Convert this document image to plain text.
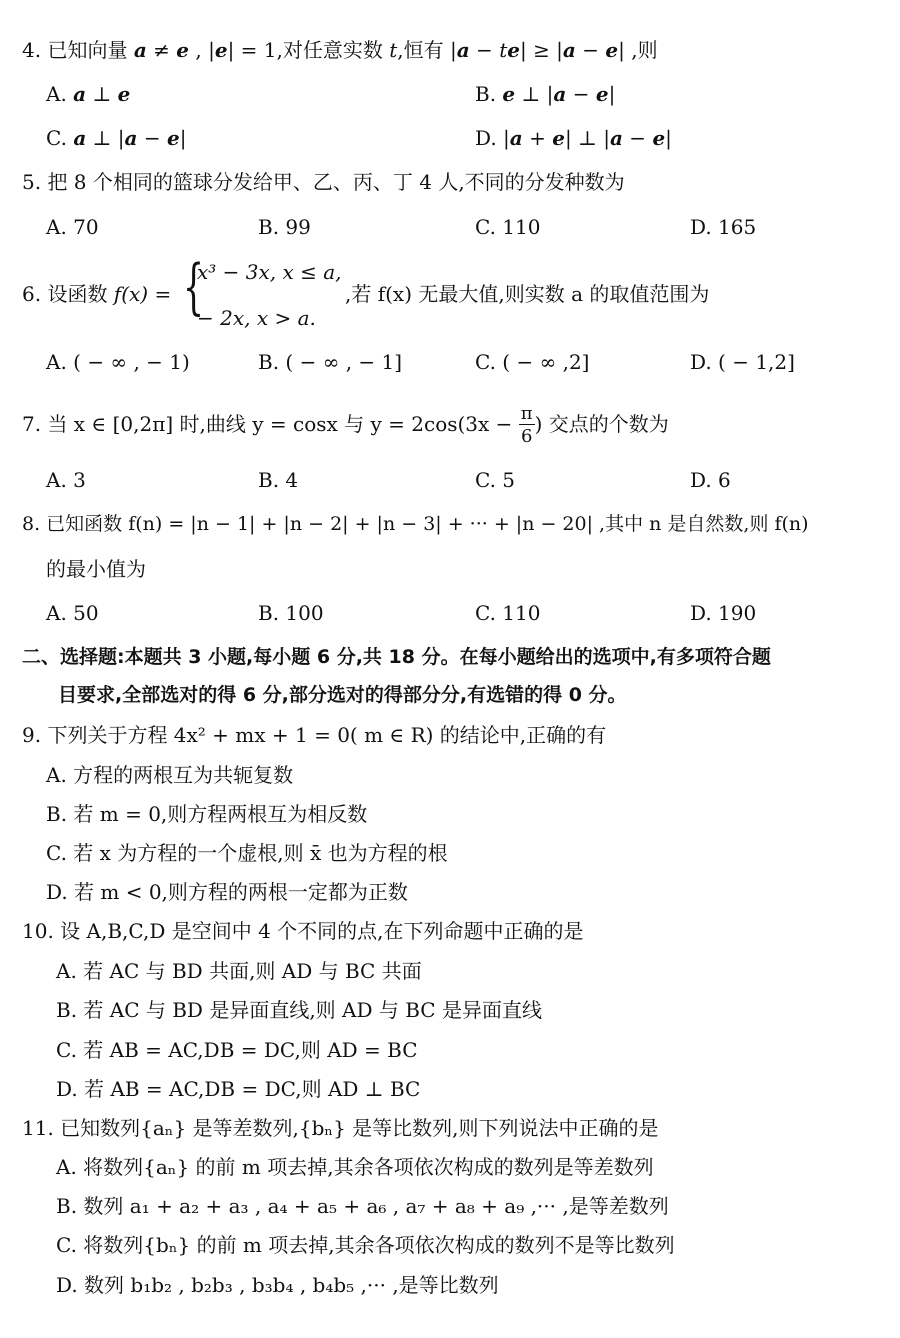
4. 已知向量 a ≠ e , |e| = 1,对任意实数 t,恒有 |a − te| ≥ |a − e| ,则
A. a ⊥ e	B. e ⊥ |a − e|
C. a ⊥ |a − e|	D. |a + e| ⊥ |a − e|
5. 把 8 个相同的篮球分发给甲、乙、丙、丁 4 人,不同的分发种数为
A. 70	B. 99	C. 110	D. 165
6. 设函数 f(x) = {
x³ − 3x, x ≤ a,
− 2x, x > a.
,若 f(x) 无最大值,则实数 a 的取值范围为
A. ( − ∞ , − 1)	B. ( − ∞ , − 1]	C. ( − ∞ ,2]	D. ( − 1,2]
7. 当 x ∈ [0,2π] 时,曲线 y = cosx 与 $y = 2\cos(3x - \frac{\pi}{6}$ ) 交点的个数为
A. 3	B. 4	C. 5	D. 6
8. 已知函数 f(n) = |n − 1| + |n − 2| + |n − 3| + ··· + |n − 20| ,其中 n 是自然数,则 f(n)
的最小值为
A. 50	B. 100	C. 110	D. 190
二、选择题:本题共 3 小题,每小题 6 分,共 18 分。在每小题给出的选项中,有多项符合题
目要求,全部选对的得 6 分,部分选对的得部分分,有选错的得 0 分。
9. 下列关于方程 4x² + mx + 1 = 0( m ∈ R) 的结论中,正确的有
A. 方程的两根互为共轭复数
B. 若 m = 0,则方程两根互为相反数
C. 若 x 为方程的一个虚根,则 x̄ 也为方程的根
D. 若 m < 0,则方程的两根一定都为正数
10. 设 A,B,C,D 是空间中 4 个不同的点,在下列命题中正确的是
A. 若 AC 与 BD 共面,则 AD 与 BC 共面
B. 若 AC 与 BD 是异面直线,则 AD 与 BC 是异面直线
C. 若 AB = AC,DB = DC,则 AD = BC
D. 若 AB = AC,DB = DC,则 AD ⊥ BC
11. 已知数列{aₙ} 是等差数列,{bₙ} 是等比数列,则下列说法中正确的是
A. 将数列{aₙ} 的前 m 项去掉,其余各项依次构成的数列是等差数列
B. 数列 a₁ + a₂ + a₃ , a₄ + a₅ + a₆ , a₇ + a₈ + a₉ ,··· ,是等差数列
C. 将数列{bₙ} 的前 m 项去掉,其余各项依次构成的数列不是等比数列
D. 数列 b₁b₂ , b₂b₃ , b₃b₄ , b₄b₅ ,··· ,是等比数列
